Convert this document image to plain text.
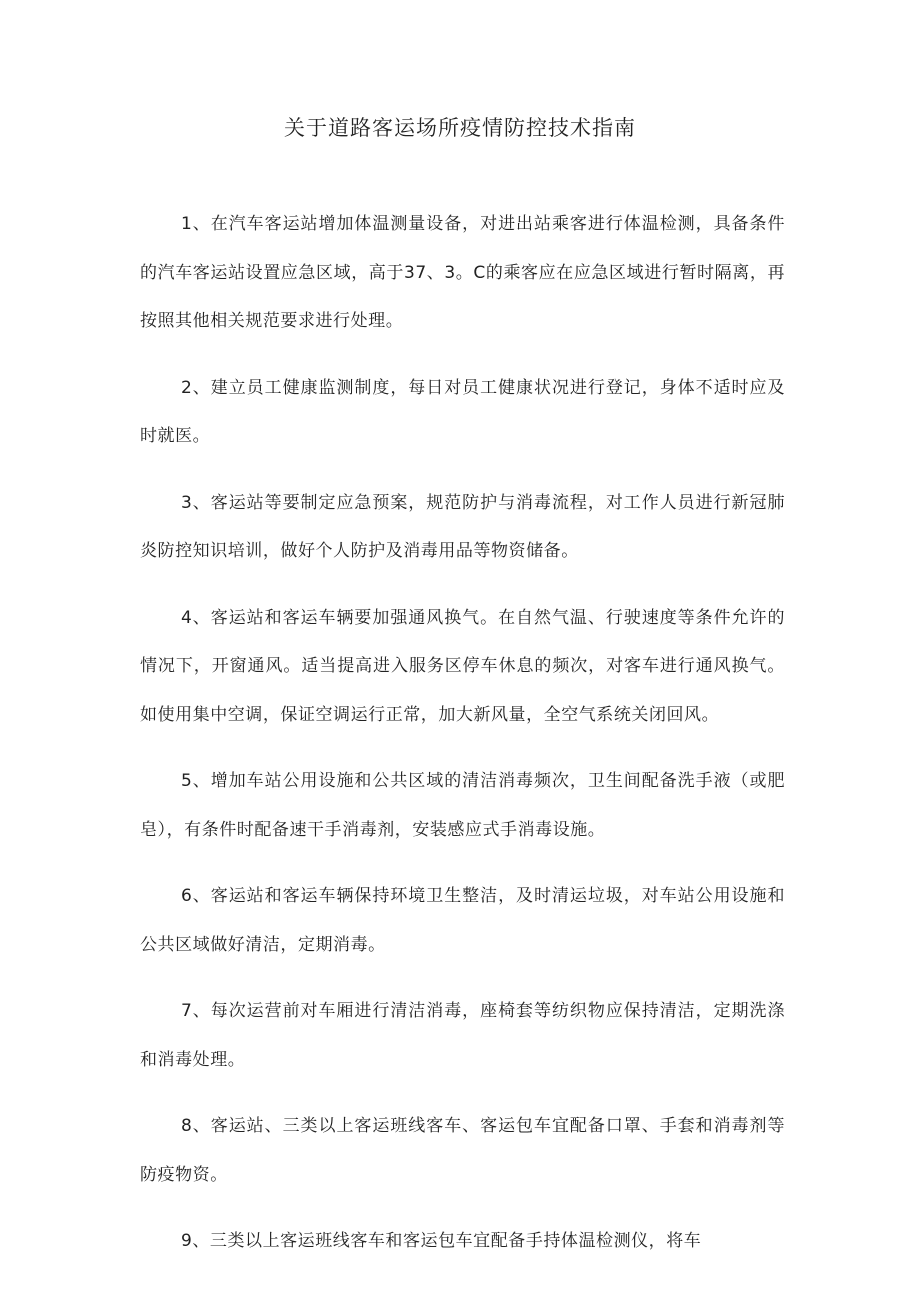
关于道路客运场所疫情防控技术指南

1、在汽车客运站增加体温测量设备，对进出站乘客进行体温检测，具备条件的汽车客运站设置应急区域，高于37、3。C的乘客应在应急区域进行暂时隔离，再按照其他相关规范要求进行处理。

2、建立员工健康监测制度，每日对员工健康状况进行登记，身体不适时应及时就医。

3、客运站等要制定应急预案，规范防护与消毒流程，对工作人员进行新冠肺炎防控知识培训，做好个人防护及消毒用品等物资储备。

4、客运站和客运车辆要加强通风换气。在自然气温、行驶速度等条件允许的情况下，开窗通风。适当提高进入服务区停车休息的频次，对客车进行通风换气。如使用集中空调，保证空调运行正常，加大新风量，全空气系统关闭回风。

5、增加车站公用设施和公共区域的清洁消毒频次，卫生间配备洗手液（或肥皂），有条件时配备速干手消毒剂，安装感应式手消毒设施。

6、客运站和客运车辆保持环境卫生整洁，及时清运垃圾，对车站公用设施和公共区域做好清洁，定期消毒。

7、每次运营前对车厢进行清洁消毒，座椅套等纺织物应保持清洁，定期洗涤和消毒处理。

8、客运站、三类以上客运班线客车、客运包车宜配备口罩、手套和消毒剂等防疫物资。

9、三类以上客运班线客车和客运包车宜配备手持体温检测仪，将车
